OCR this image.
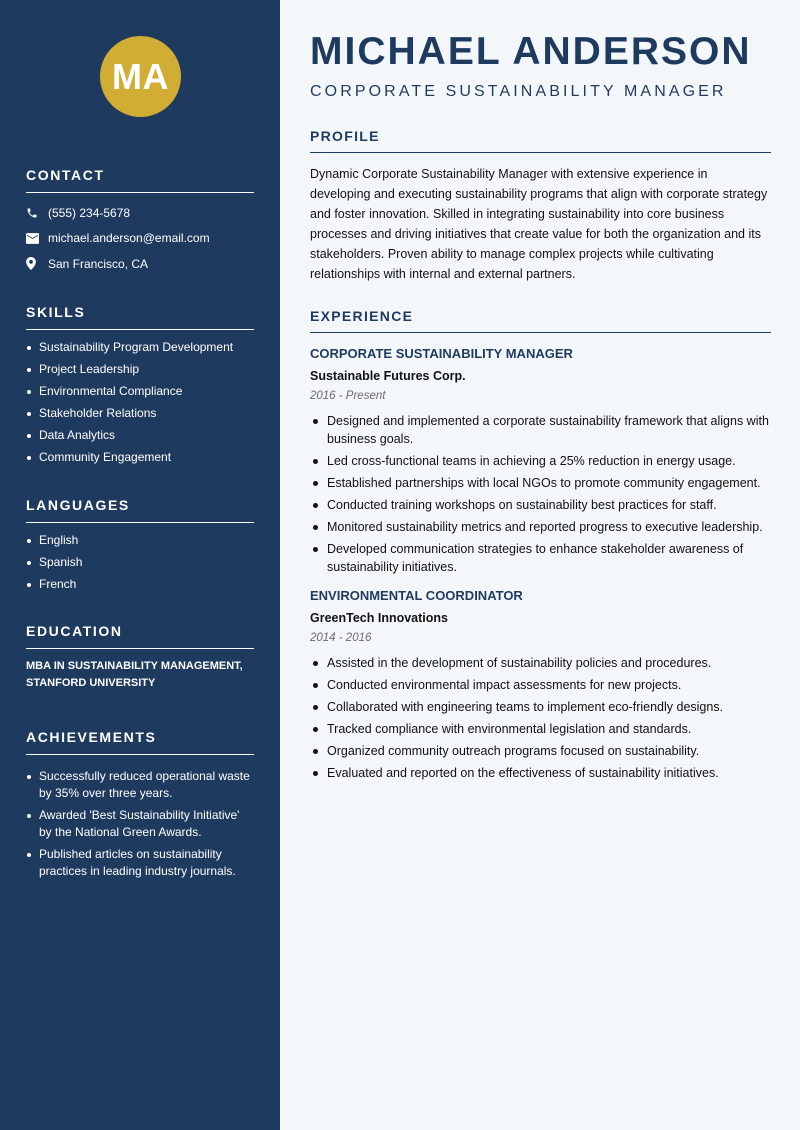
MA
CONTACT
(555) 234-5678
michael.anderson@email.com
San Francisco, CA
SKILLS
Sustainability Program Development
Project Leadership
Environmental Compliance
Stakeholder Relations
Data Analytics
Community Engagement
LANGUAGES
English
Spanish
French
EDUCATION
MBA IN SUSTAINABILITY MANAGEMENT,
STANFORD UNIVERSITY
ACHIEVEMENTS
Successfully reduced operational waste by 35% over three years.
Awarded 'Best Sustainability Initiative' by the National Green Awards.
Published articles on sustainability practices in leading industry journals.
MICHAEL ANDERSON
CORPORATE SUSTAINABILITY MANAGER
PROFILE

Dynamic Corporate Sustainability Manager with extensive experience in developing and executing sustainability programs that align with corporate strategy and foster innovation. Skilled in integrating sustainability into core business processes and driving initiatives that create value for both the organization and its stakeholders. Proven ability to manage complex projects while cultivating relationships with internal and external partners.

EXPERIENCE
CORPORATE SUSTAINABILITY MANAGER
Sustainable Futures Corp.
2016 - Present
Designed and implemented a corporate sustainability framework that aligns with business goals.
Led cross-functional teams in achieving a 25% reduction in energy usage.
Established partnerships with local NGOs to promote community engagement.
Conducted training workshops on sustainability best practices for staff.
Monitored sustainability metrics and reported progress to executive leadership.
Developed communication strategies to enhance stakeholder awareness of sustainability initiatives.
ENVIRONMENTAL COORDINATOR
GreenTech Innovations
2014 - 2016
Assisted in the development of sustainability policies and procedures.
Conducted environmental impact assessments for new projects.
Collaborated with engineering teams to implement eco-friendly designs.
Tracked compliance with environmental legislation and standards.
Organized community outreach programs focused on sustainability.
Evaluated and reported on the effectiveness of sustainability initiatives.
